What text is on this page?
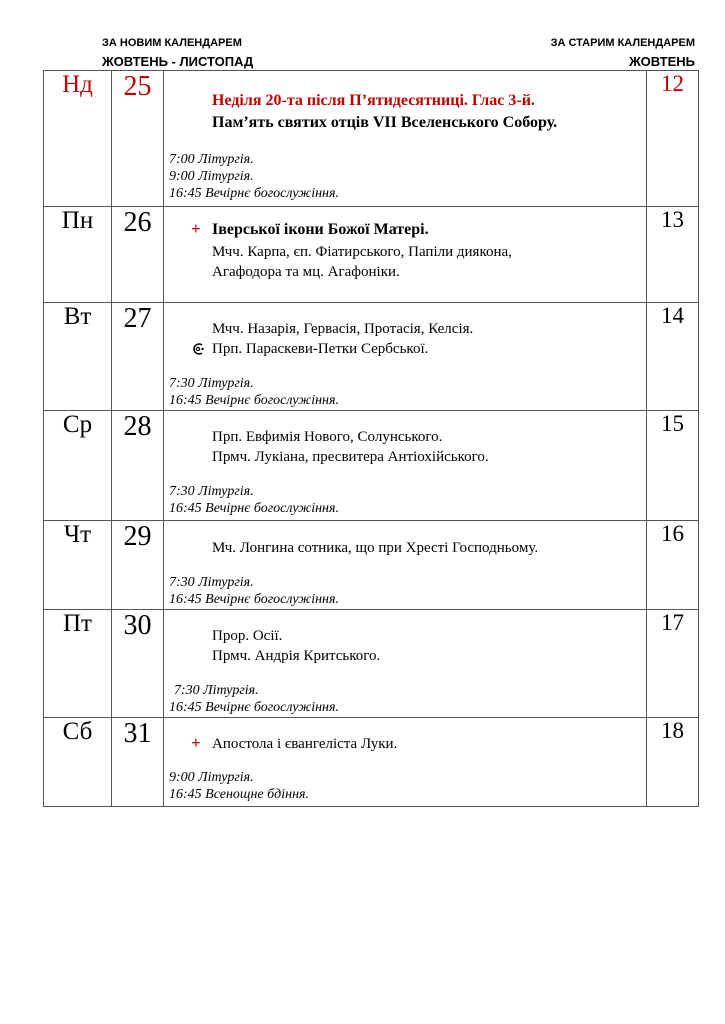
ЗА НОВИМ КАЛЕНДАРЕМ
ЖОВТЕНЬ - ЛИСТОПАД
ЗА СТАРИМ КАЛЕНДАРЕМ
ЖОВТЕНЬ
Нд	25	Неділя 20-та після П’ятидесятниці. Глас 3-й.
Пам’ять святих отців VII Вселенського Собору.
7:00 Літургія.
9:00 Літургія.
16:45 Вечірнє богослужіння.	12
Пн	26	+ Іверської ікони Божої Матері.
Мчч. Карпа, єп. Фіатирського, Папіли диякона,
Агафодора та мц. Агафоніки.	13
Вт	27	Мчч. Назарія, Гервасія, Протасія, Келсія.
Прп. Параскеви-Петки Сербської.
7:30 Літургія.
16:45 Вечірнє богослужіння.	14
Ср	28	Прп. Евфимія Нового, Солунського.
Прмч. Лукіана, пресвитера Антіохійського.
7:30 Літургія.
16:45 Вечірнє богослужіння.	15
Чт	29	Мч. Лонгина сотника, що при Хресті Господньому.
7:30 Літургія.
16:45 Вечірнє богослужіння.	16
Пт	30	Прор. Осії.
Прмч. Андрія Критського.
7:30 Літургія.
16:45 Вечірнє богослужіння.	17
Сб	31	+ Апостола і євангеліста Луки.
9:00 Літургія.
16:45 Всенощне бдіння.	18
